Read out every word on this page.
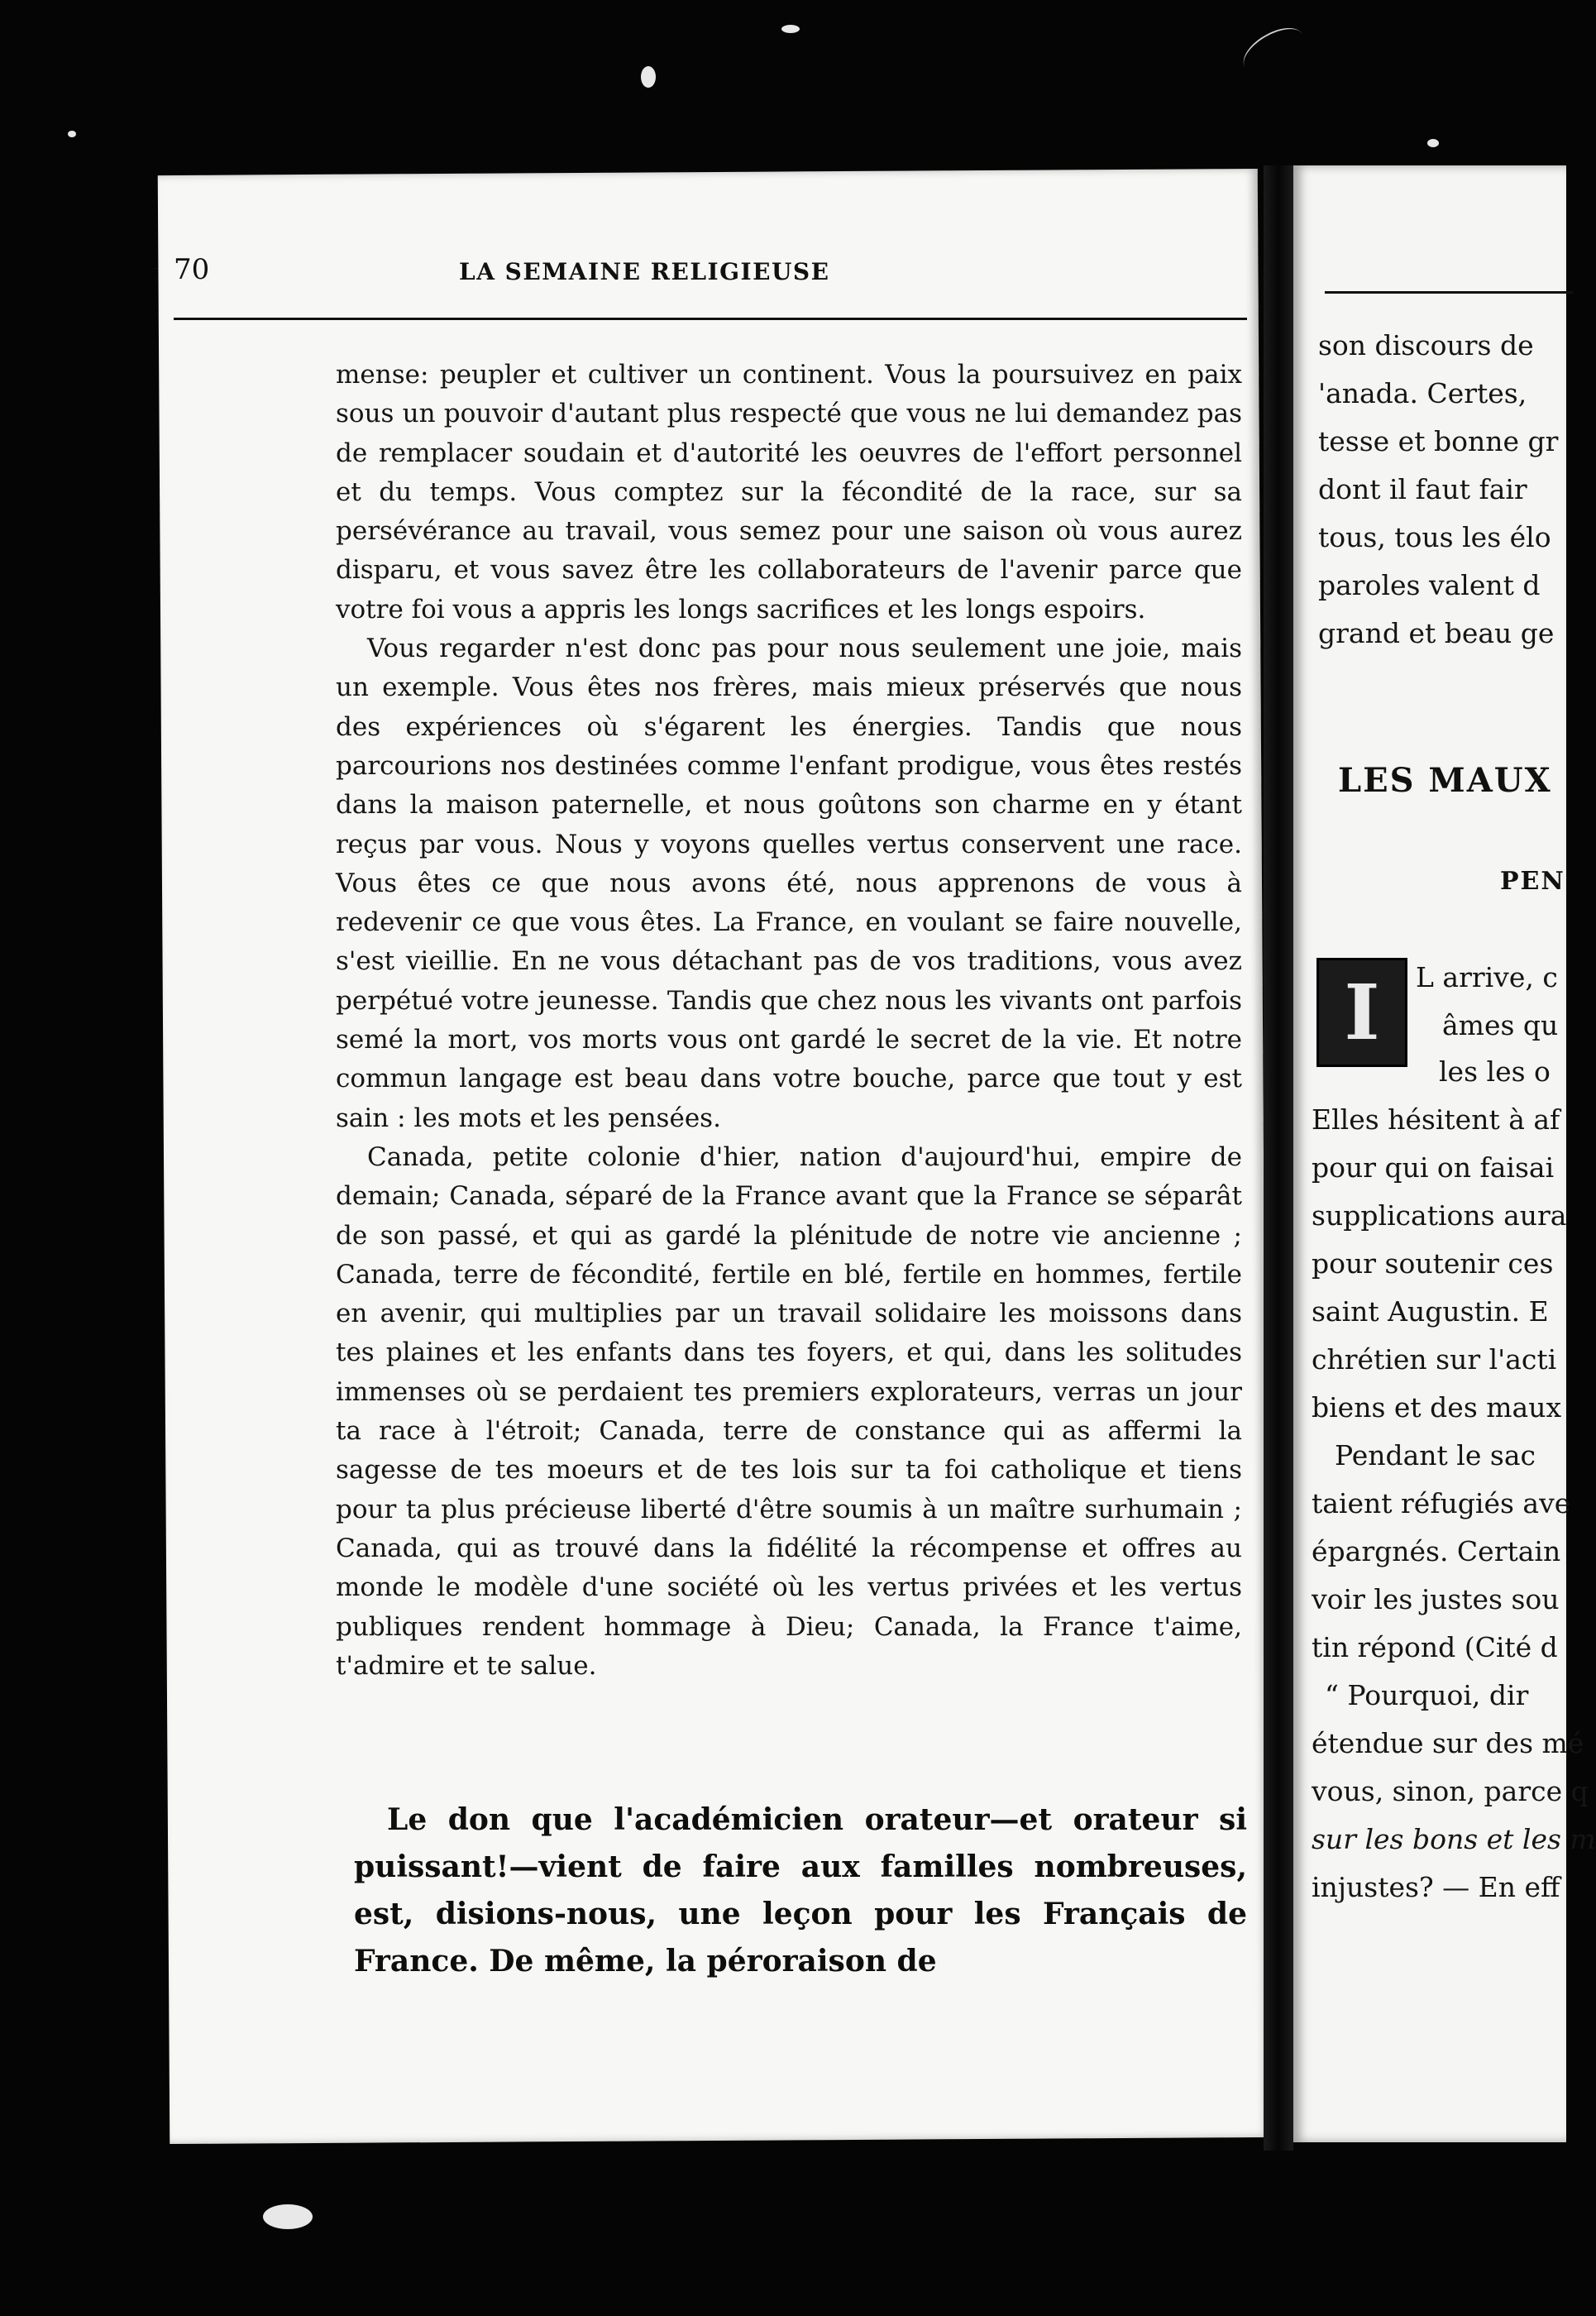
70	LA SEMAINE RELIGIEUSE

mense: peupler et cultiver un continent. Vous la poursuivez en paix sous un pouvoir d'autant plus respecté que vous ne lui demandez pas de remplacer soudain et d'autorité les oeuvres de l'effort personnel et du temps. Vous comptez sur la fécondité de la race, sur sa persévérance au travail, vous semez pour une saison où vous aurez disparu, et vous savez être les collaborateurs de l'avenir parce que votre foi vous a appris les longs sacrifices et les longs espoirs.

Vous regarder n'est donc pas pour nous seulement une joie, mais un exemple. Vous êtes nos frères, mais mieux préservés que nous des expériences où s'égarent les énergies. Tandis que nous parcourions nos destinées comme l'enfant prodigue, vous êtes restés dans la maison paternelle, et nous goûtons son charme en y étant reçus par vous. Nous y voyons quelles vertus conservent une race. Vous êtes ce que nous avons été, nous apprenons de vous à redevenir ce que vous êtes. La France, en voulant se faire nouvelle, s'est vieillie. En ne vous détachant pas de vos traditions, vous avez perpétué votre jeunesse. Tandis que chez nous les vivants ont parfois semé la mort, vos morts vous ont gardé le secret de la vie. Et notre commun langage est beau dans votre bouche, parce que tout y est sain : les mots et les pensées.

Canada, petite colonie d'hier, nation d'aujourd'hui, empire de demain; Canada, séparé de la France avant que la France se séparât de son passé, et qui as gardé la plénitude de notre vie ancienne ; Canada, terre de fécondité, fertile en blé, fertile en hommes, fertile en avenir, qui multiplies par un travail solidaire les moissons dans tes plaines et les enfants dans tes foyers, et qui, dans les solitudes immenses où se perdaient tes premiers explorateurs, verras un jour ta race à l'étroit; Canada, terre de constance qui as affermi la sagesse de tes moeurs et de tes lois sur ta foi catholique et tiens pour ta plus précieuse liberté d'être soumis à un maître surhumain ; Canada, qui as trouvé dans la fidélité la récompense et offres au monde le modèle d'une société où les vertus privées et les vertus publiques rendent hommage à Dieu; Canada, la France t'aime, t'admire et te salue.

Le don que l'académicien orateur—et orateur si puissant!—vient de faire aux familles nombreuses, est, disions-nous, une leçon pour les Français de France. De même, la péroraison de
son discours de
'anada. Certes,
tesse et bonne gr
dont il faut fair
tous, tous les élo
paroles valent d
grand et beau ge
LES MAUX
PEN
I L arrive, c
âmes qu
les les o
Elles hésitent à af
pour qui on faisai
supplications aura
pour soutenir ces
saint Augustin. E
chrétien sur l'acti
biens et des maux
Pendant le sac
taient réfugiés ave
épargnés. Certain
voir les justes sou
tin répond (Cité d
“ Pourquoi, dir
étendue sur des mé
vous, sinon, parce q
sur les bons et les m
injustes? — En eff
